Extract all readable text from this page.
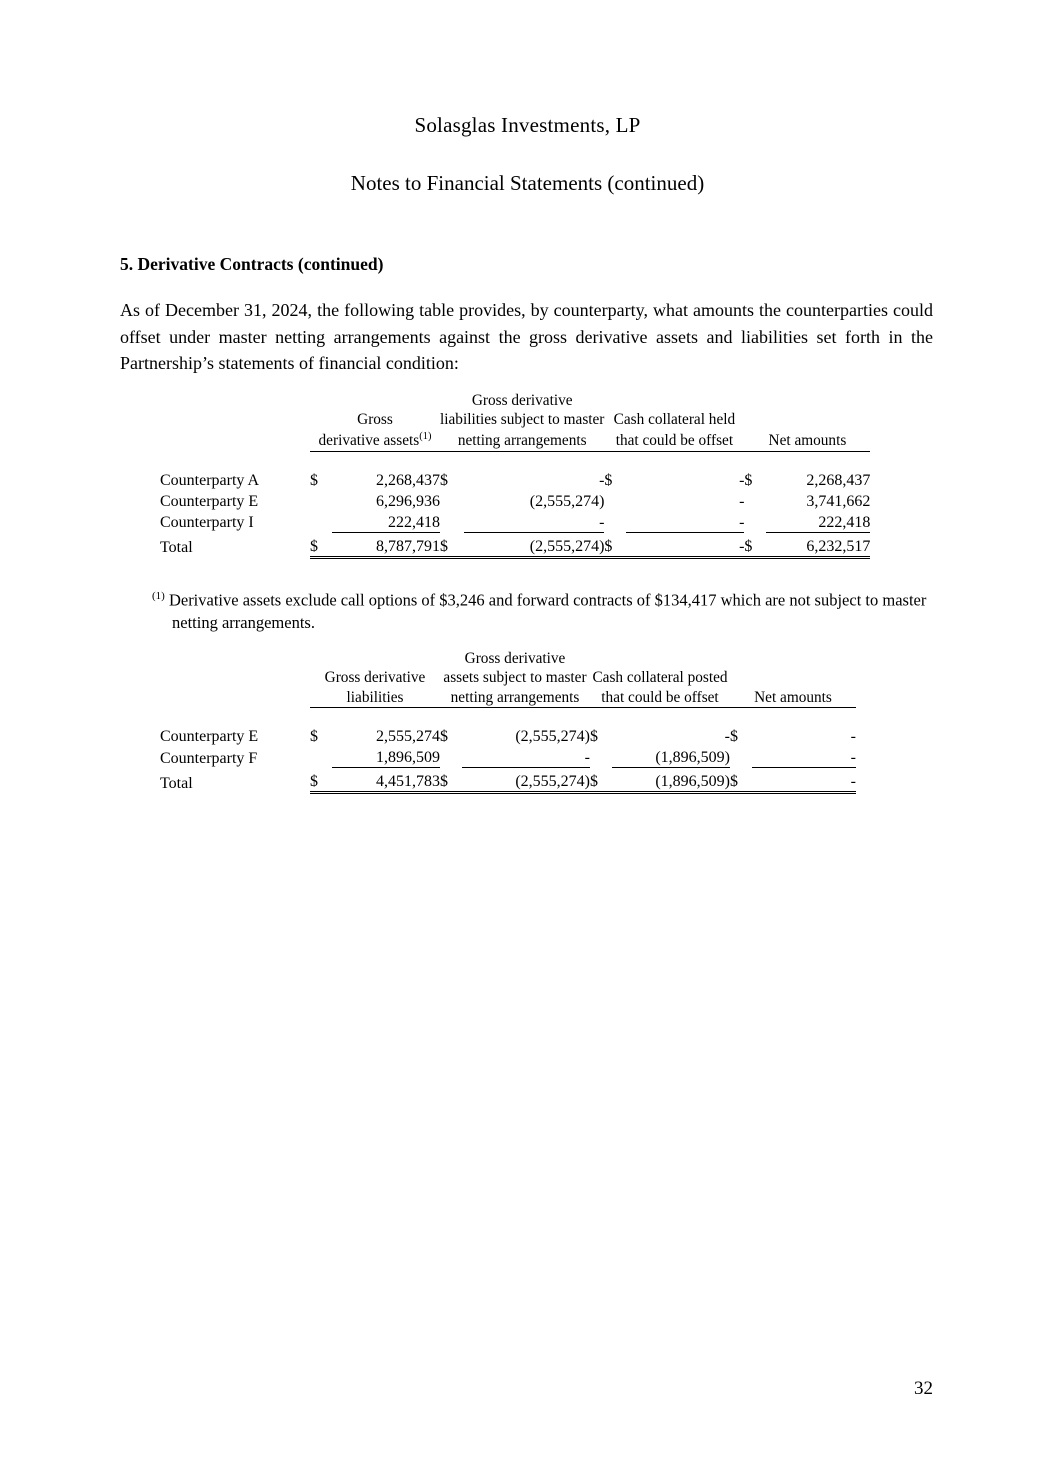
Solasglas Investments, LP
Notes to Financial Statements (continued)
5. Derivative Contracts (continued)
As of December 31, 2024, the following table provides, by counterparty, what amounts the counterparties could offset under master netting arrangements against the gross derivative assets and liabilities set forth in the Partnership’s statements of financial condition:
			Gross derivative					
	Gross		liabilities subject to master		Cash collateral held			
	derivative assets$^{(1)}$		netting arrangements		that could be offset		Net amounts	

Counterparty A	$	2,268,437	$	-	$	-	$	2,268,437
Counterparty E		6,296,936		(2,555,274)		-		3,741,662
Counterparty I		222,418		-		-		222,418
Total	$	8,787,791	$	(2,555,274)	$	-	$	6,232,517
$^{(1)}$ Derivative assets exclude call options of $3,246 and forward contracts of $134,417 which are not subject to master netting arrangements.
			Gross derivative					
	Gross derivative		assets subject to master		Cash collateral posted			
	liabilities		netting arrangements		that could be offset		Net amounts	

Counterparty E	$	2,555,274	$	(2,555,274)	$	-	$	-
Counterparty F		1,896,509		-		(1,896,509)		-
Total	$	4,451,783	$	(2,555,274)	$	(1,896,509)	$	-
32
